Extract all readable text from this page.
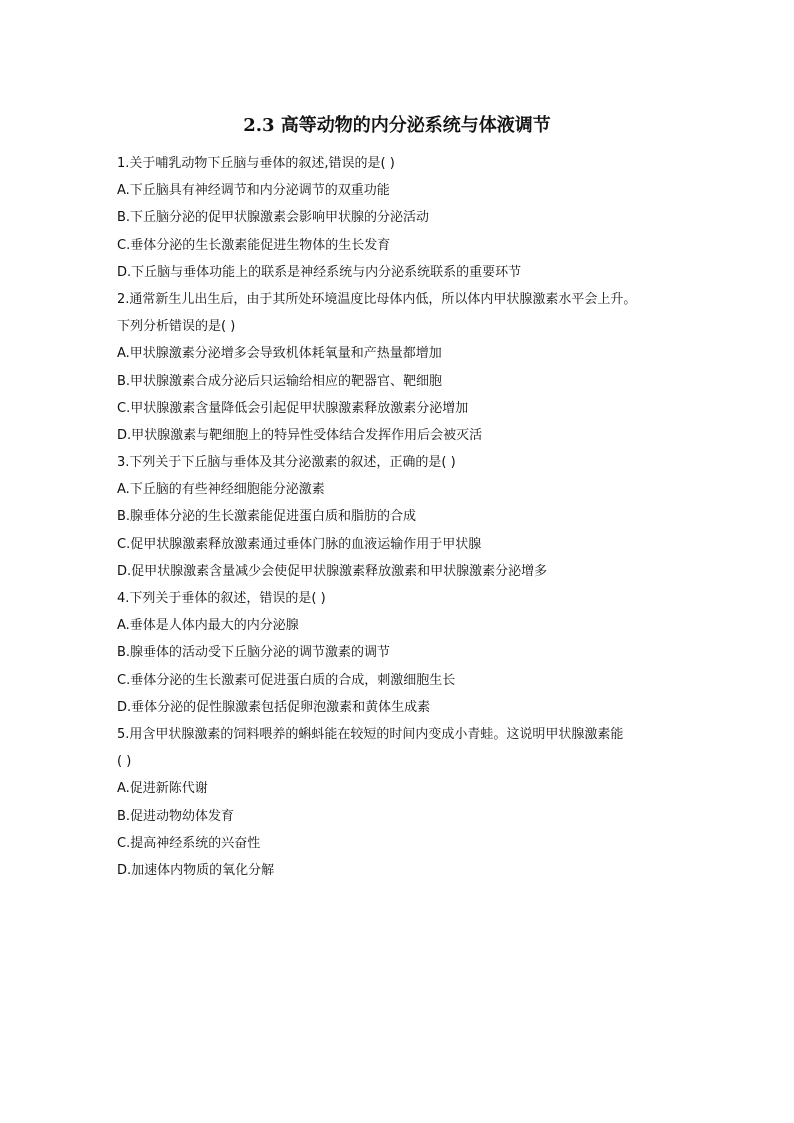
2.3 高等动物的内分泌系统与体液调节
1.关于哺乳动物下丘脑与垂体的叙述,错误的是( )
A.下丘脑具有神经调节和内分泌调节的双重功能
B.下丘脑分泌的促甲状腺激素会影响甲状腺的分泌活动
C.垂体分泌的生长激素能促进生物体的生长发育
D.下丘脑与垂体功能上的联系是神经系统与内分泌系统联系的重要环节
2.通常新生儿出生后，由于其所处环境温度比母体内低，所以体内甲状腺激素水平会上升。
下列分析错误的是( )
A.甲状腺激素分泌增多会导致机体耗氧量和产热量都增加
B.甲状腺激素合成分泌后只运输给相应的靶器官、靶细胞
C.甲状腺激素含量降低会引起促甲状腺激素释放激素分泌增加
D.甲状腺激素与靶细胞上的特异性受体结合发挥作用后会被灭活
3.下列关于下丘脑与垂体及其分泌激素的叙述，正确的是( )
A.下丘脑的有些神经细胞能分泌激素
B.腺垂体分泌的生长激素能促进蛋白质和脂肪的合成
C.促甲状腺激素释放激素通过垂体门脉的血液运输作用于甲状腺
D.促甲状腺激素含量减少会使促甲状腺激素释放激素和甲状腺激素分泌增多
4.下列关于垂体的叙述，错误的是( )
A.垂体是人体内最大的内分泌腺
B.腺垂体的活动受下丘脑分泌的调节激素的调节
C.垂体分泌的生长激素可促进蛋白质的合成，刺激细胞生长
D.垂体分泌的促性腺激素包括促卵泡激素和黄体生成素
5.用含甲状腺激素的饲料喂养的蝌蚪能在较短的时间内变成小青蛙。这说明甲状腺激素能
( )
A.促进新陈代谢
B.促进动物幼体发育
C.提高神经系统的兴奋性
D.加速体内物质的氧化分解
